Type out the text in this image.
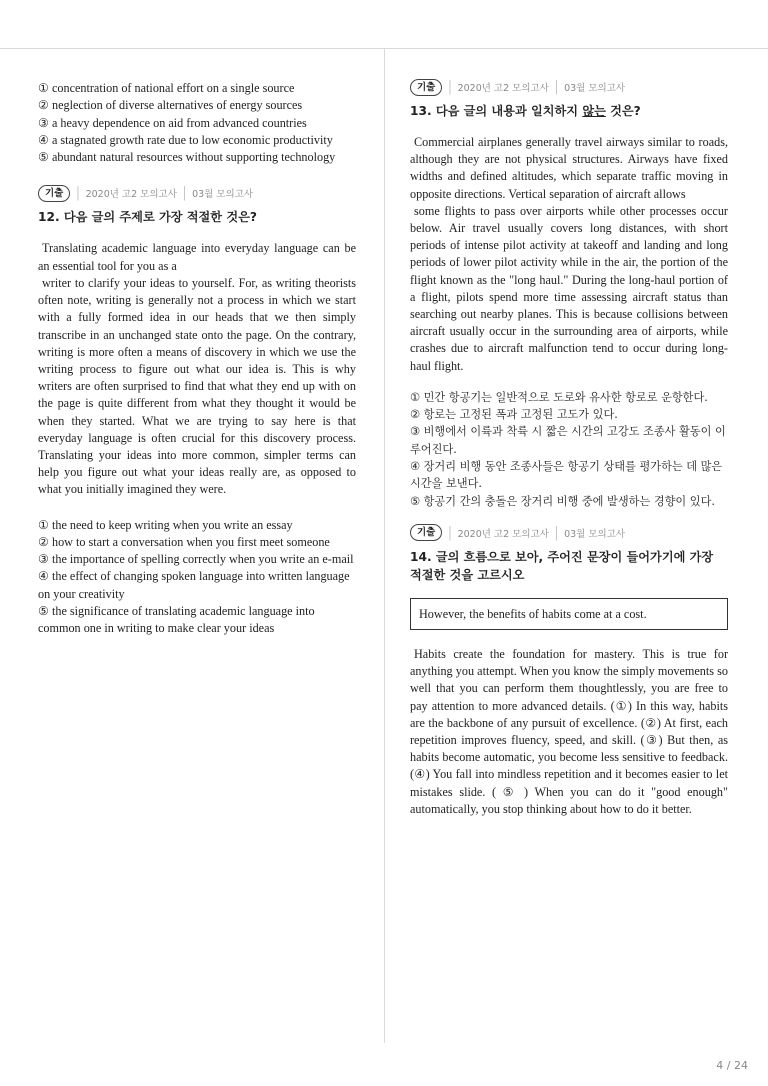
① concentration of national effort on a single source

② neglection of diverse alternatives of energy sources

③ a heavy dependence on aid from advanced countries

④ a stagnated growth rate due to low economic productivity

⑤ abundant natural resources without supporting technology

기출 | 2020년 고2 모의고사 | 03월 모의고사
12. 다음 글의 주제로 가장 적절한 것은?

Translating academic language into everyday language can be an essential tool for you as a

writer to clarify your ideas to yourself. For, as writing theorists often note, writing is generally not a process in which we start with a fully formed idea in our heads that we then simply transcribe in an unchanged state onto the page. On the contrary, writing is more often a means of discovery in which we use the writing process to figure out what our idea is. This is why writers are often surprised to find that what they end up with on the page is quite different from what they thought it would be when they started. What we are trying to say here is that everyday language is often crucial for this discovery process. Translating your ideas into more common, simpler terms can help you figure out what your ideas really are, as opposed to what you initially imagined they were.

① the need to keep writing when you write an essay

② how to start a conversation when you first meet someone

③ the importance of spelling correctly when you write an e-mail

④ the effect of changing spoken language into written language on your creativity

⑤ the significance of translating academic language into common one in writing to make clear your ideas

기출 | 2020년 고2 모의고사 | 03월 모의고사
13. 다음 글의 내용과 일치하지 않는 것은?

Commercial airplanes generally travel airways similar to roads, although they are not physical structures. Airways have fixed widths and defined altitudes, which separate traffic moving in opposite directions. Vertical separation of aircraft allows

some flights to pass over airports while other processes occur below. Air travel usually covers long distances, with short periods of intense pilot activity at takeoff and landing and long periods of lower pilot activity while in the air, the portion of the flight known as the "long haul." During the long-haul portion of a flight, pilots spend more time assessing aircraft status than searching out nearby planes. This is because collisions between aircraft usually occur in the surrounding area of airports, while crashes due to aircraft malfunction tend to occur during long-haul flight.

① 민간 항공기는 일반적으로 도로와 유사한 항로로 운항한다.

② 항로는 고정된 폭과 고정된 고도가 있다.

③ 비행에서 이륙과 착륙 시 짧은 시간의 고강도 조종사 활동이 이루어진다.

④ 장거리 비행 동안 조종사들은 항공기 상태를 평가하는 데 많은 시간을 보낸다.

⑤ 항공기 간의 충돌은 장거리 비행 중에 발생하는 경향이 있다.

기출 | 2020년 고2 모의고사 | 03월 모의고사
14. 글의 흐름으로 보아, 주어진 문장이 들어가기에 가장 적절한 것을 고르시오
However, the benefits of habits come at a cost.

Habits create the foundation for mastery. This is true for anything you attempt. When you know the simply movements so well that you can perform them thoughtlessly, you are free to pay attention to more advanced details. (①) In this way, habits are the backbone of any pursuit of excellence. (②) At first, each repetition improves fluency, speed, and skill. (③) But then, as habits become automatic, you become less sensitive to feedback. (④) You fall into mindless repetition and it becomes easier to let mistakes slide. ( ⑤ ) When you can do it "good enough" automatically, you stop thinking about how to do it better.

4 / 24
